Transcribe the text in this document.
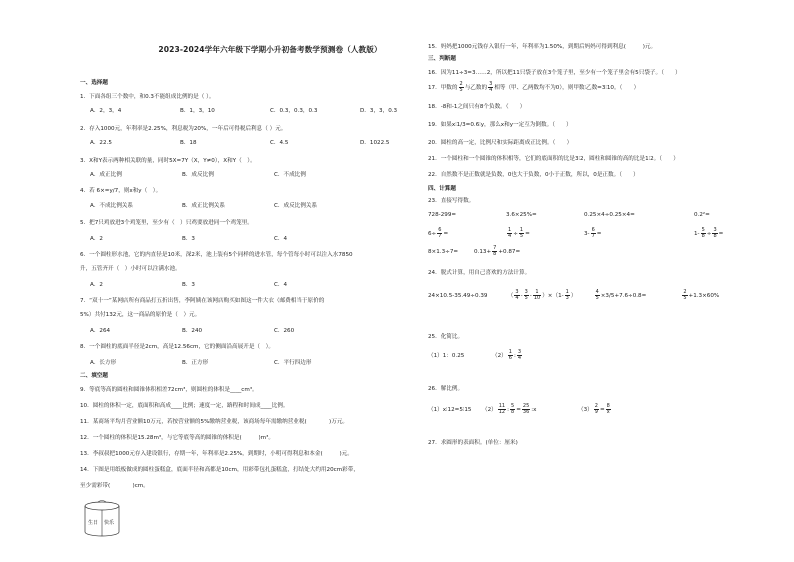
2023-2024学年六年级下学期小升初备考数学预测卷（人教版）
一、选择题
1．下面各组三个数中，和0.3不能组成比例的是（ ）。
A．2，3，4	B．1，3，10	C．0.3，0.3，0.3	D．3，3，0.3
2．存入1000元，年利率是2.25%，利息税为20%，一年后可得税后利息（ ）元。
A．22.5	B．18	C．4.5	D．1022.5
3．X和Y表示两种相关联的量，同时5X=7Y（X，Y≠0），X和Y（　）。
A．成正比例	B．成反比例	C．不成比例
4．若 6×=y/7，则x和y（　）。
A．不成比例关系	B．成正比例关系	C．成反比例关系
5．把7只鸡放进3个鸡笼里，至少有（　）只鸡要放进同一个鸡笼里。
A．2	B．3	C．4
6．一个圆柱形水池，它的内直径是10米，深2米，池上装有5个同样的进水管，每个管每小时可以注入水7850
升，五管齐开（　）小时可以注满水池。
A．2	B．3	C．4
7．“双十一”某网店所有商品打五折出售，李阿姨在该网店购买如图这一件大衣（邮费相当于原价的
5%）共付132元，这一商品的原价是（　）元。
A．264	B．240	C．260
8．一个圆柱的底面半径是2cm，高是12.56cm，它的侧面沿高展开是（　）。
A．长方形	B．正方形	C．平行四边形
二、填空题
9．等底等高的圆柱和圆锥体积相差72cm³，则圆柱的体积是____cm³。
10．圆柱的体积一定，底面积和高成____比例；速度一定，路程和时间成____比例。
11．某商场平均月营业额10万元，若按营业额的5%缴纳营业税，该商场每年需缴纳营业税(　　　　)万元。
12．一个圆柱的体积是15.28m³，与它等底等高的圆锥的体积是(　　　)m³。
13．李叔叔把1000元存入建设银行，存期一年，年利率是2.25%，到期时，小明可得利息和本金(　　　)元。
14．下图是用纸板做成的圆柱蛋糕盒，底面半径和高都是10cm，用彩带包扎蛋糕盒，打结处大约用20cm彩带，
至少需彩带(　　　　)cm。
生日 快乐
15．妈妈把1000元钱存入银行一年，年利率为1.50%，到期后妈妈可得到利息(　　　)元。
三、判断题
16．因为11÷3=3……2，所以把11只袋子放在3个笼子里，至少有一个笼子里会有5只袋子。（　　）
17．甲数的 $\frac{2}{5}$ 与乙数的 $\frac{3}{4}$ 相等（甲、乙两数均不为0），则甲数∶乙数=3∶10。（　　）
18．-8和-1之间只有8个负数。（　　）
19．如果x∶1/3=0.6∶y，那么x和y一定互为倒数。（　　）
20．圆柱的高一定，比例尺和实际距离成正比例。（　　）
21．一个圆柱和一个圆锥的体积相等，它们的底面积的比是3∶2，圆柱和圆锥的高的比是1∶2。（　　）
22．自然数不是正数就是负数，0也大于负数，0小于正数，所以，0是正数。（　　）
四、计算题
23．直接写得数。
728-299=	3.6×25%=	0.25×4÷0.25×4=	0.2²=
$6\div \frac{6}{7}$ =	$\frac{1}{4} \div \frac{1}{5}$ =	$3- \frac{6}{7}$ =	$1- \frac{5}{8} \div \frac{3}{8}$ =
8×1.3÷7=	$0.13+ \frac{7}{8} +0.87=$
24．脱式计算，用自己喜欢的方法计算。
24×10.5-35.49÷0.39	（ $\frac{3}{4} - \frac{3}{5} - \frac{1}{10} )\times(1- \frac{1}{3}$ ）	$\frac{4}{5} \times 3/5+7.6\div 0.8=$	$\frac{2}{5} +1.3\times 60\%$
25．化简比。
（1）1：0.25	$(2) \frac{1}{6}$ : $\frac{3}{4}$
26．解比例。
（1）x∶12=5∶15 $(2) \frac{11}{12}$ : $\frac{5}{8} = \frac{25}{36}$ :x	$(3) \frac{2}{9} = \frac{8}{x}$
27．求圆形的表面积。(单位：厘米)
